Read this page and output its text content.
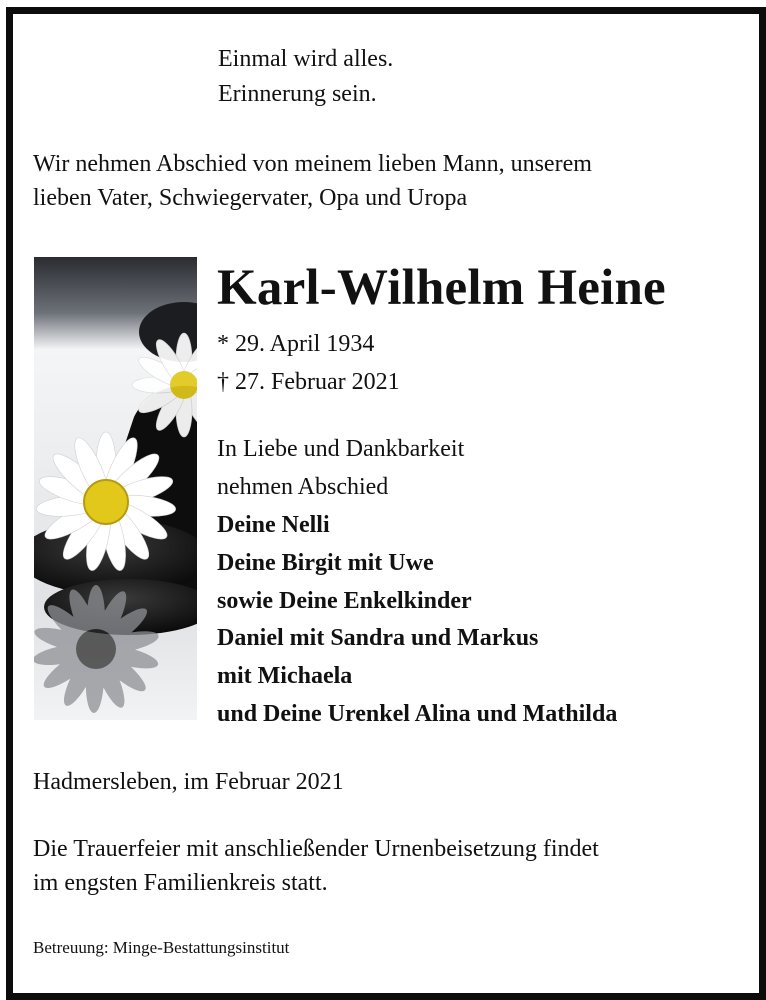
Einmal wird alles.
Erinnerung sein.
Wir nehmen Abschied von meinem lieben Mann, unserem
lieben Vater, Schwiegervater, Opa und Uropa
Karl-Wilhelm Heine
* 29. April 1934
† 27. Februar 2021
In Liebe und Dankbarkeit
nehmen Abschied
Deine Nelli
Deine Birgit mit Uwe
sowie Deine Enkelkinder
Daniel mit Sandra und Markus
mit Michaela
und Deine Urenkel Alina und Mathilda
Hadmersleben, im Februar 2021
Die Trauerfeier mit anschließender Urnenbeisetzung findet
im engsten Familienkreis statt.
Betreuung: Minge-Bestattungsinstitut
